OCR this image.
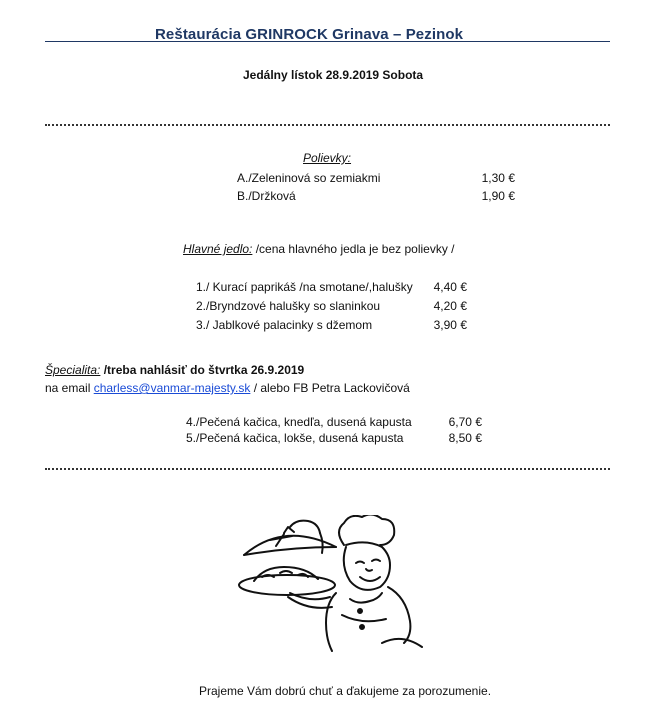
Reštaurácia GRINROCK Grinava – Pezinok
Jedálny lístok 28.9.2019 Sobota
Polievky:
A./Zeleninová so zemiakmi	1,30 €
B./Držková	1,90 €
Hlavné jedlo: /cena hlavného jedla je bez polievky /
1./ Kurací paprikáš /na smotane/,halušky	4,40 €
2./Bryndzové halušky so slaninkou	4,20 €
3./ Jablkové palacinky s džemom	3,90 €
Špecialita: /treba nahlásiť do štvrtka 26.9.2019
na email charless@vanmar-majesty.sk / alebo FB Petra Lackovičová
4./Pečená kačica, knedľa, dusená kapusta	6,70 €
5./Pečená kačica, lokše, dusená kapusta	8,50 €
Prajeme Vám dobrú chuť a ďakujeme za porozumenie.
